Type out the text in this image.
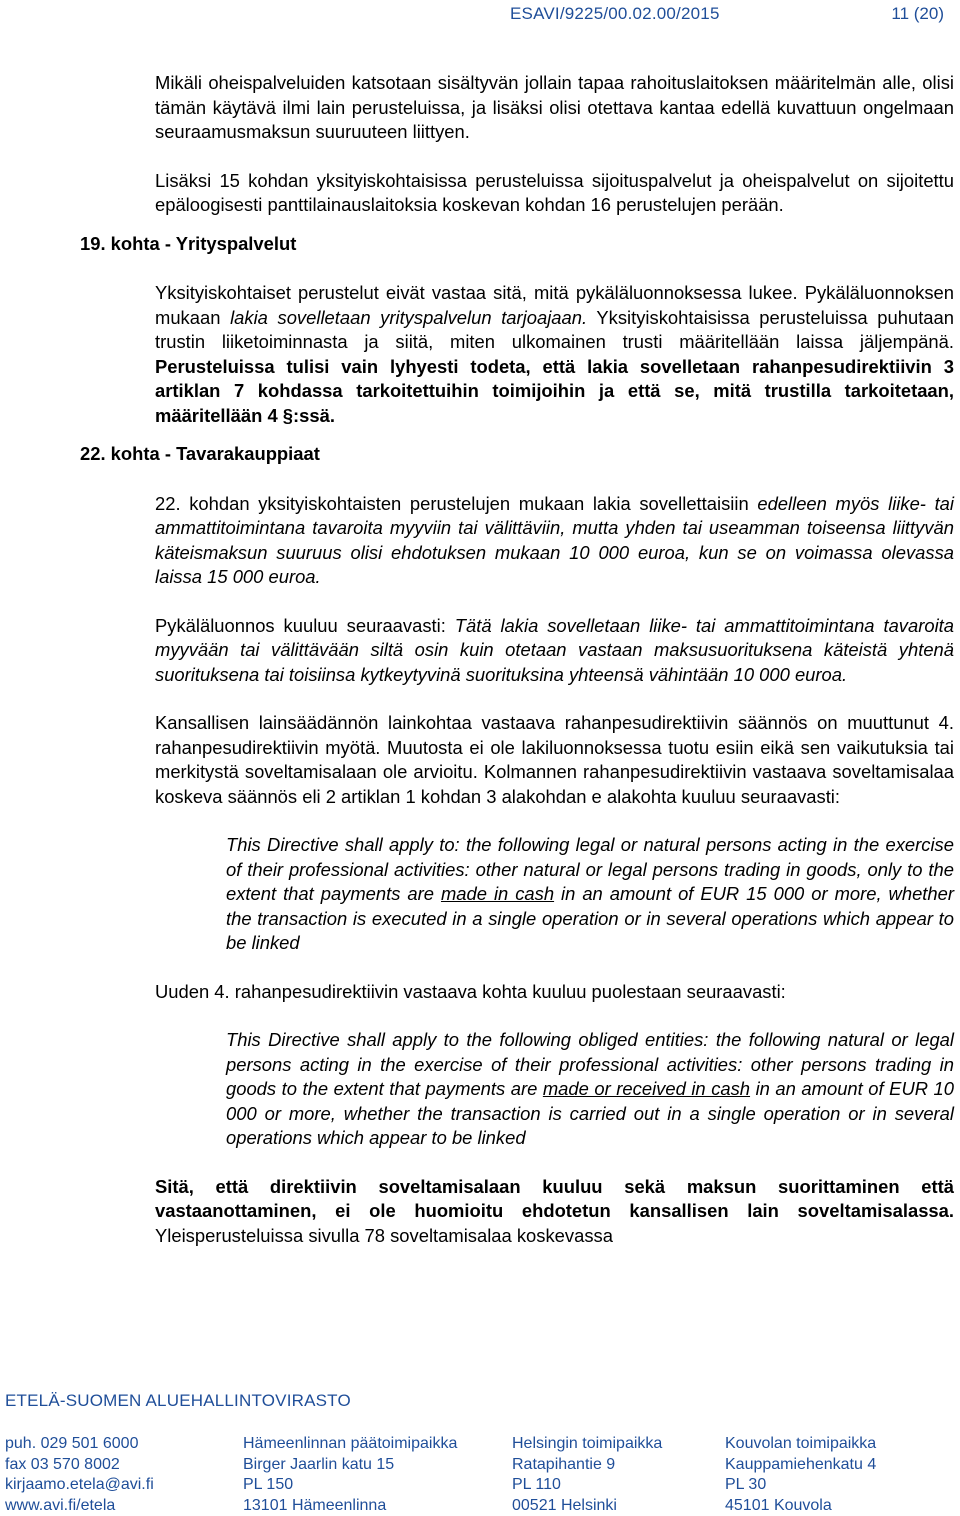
ESAVI/9225/00.02.00/2015	11 (20)

Mikäli oheispalveluiden katsotaan sisältyvän jollain tapaa rahoituslaitoksen määritelmän alle, olisi tämän käytävä ilmi lain perusteluissa, ja lisäksi olisi otettava kantaa edellä kuvattuun ongelmaan seuraamusmaksun suuruuteen liittyen.

Lisäksi 15 kohdan yksityiskohtaisissa perusteluissa sijoituspalvelut ja oheispalvelut on sijoitettu epäloogisesti panttilainauslaitoksia koskevan kohdan 16 perustelujen perään.

19. kohta - Yrityspalvelut

Yksityiskohtaiset perustelut eivät vastaa sitä, mitä pykäläluonnoksessa lukee. Pykäläluonnoksen mukaan lakia sovelletaan yrityspalvelun tarjoajaan. Yksityiskohtaisissa perusteluissa puhutaan trustin liiketoiminnasta ja siitä, miten ulkomainen trusti määritellään laissa jäljempänä. Perusteluissa tulisi vain lyhyesti todeta, että lakia sovelletaan rahanpesudirektiivin 3 artiklan 7 kohdassa tarkoitettuihin toimijoihin ja että se, mitä trustilla tarkoitetaan, määritellään 4 §:ssä.

22. kohta - Tavarakauppiaat

22. kohdan yksityiskohtaisten perustelujen mukaan lakia sovellettaisiin edelleen myös liike- tai ammattitoimintana tavaroita myyviin tai välittäviin, mutta yhden tai useamman toiseensa liittyvän käteismaksun suuruus olisi ehdotuksen mukaan 10 000 euroa, kun se on voimassa olevassa laissa 15 000 euroa.

Pykäläluonnos kuuluu seuraavasti: Tätä lakia sovelletaan liike- tai ammattitoimintana tavaroita myyvään tai välittävään siltä osin kuin otetaan vastaan maksusuorituksena käteistä yhtenä suorituksena tai toisiinsa kytkeytyvinä suorituksina yhteensä vähintään 10 000 euroa.

Kansallisen lainsäädännön lainkohtaa vastaava rahanpesudirektiivin säännös on muuttunut 4. rahanpesudirektiivin myötä. Muutosta ei ole lakiluonnoksessa tuotu esiin eikä sen vaikutuksia tai merkitystä soveltamisalaan ole arvioitu. Kolmannen rahanpesudirektiivin vastaava soveltamisalaa koskeva säännös eli 2 artiklan 1 kohdan 3 alakohdan e alakohta kuuluu seuraavasti:

This Directive shall apply to: the following legal or natural persons acting in the exercise of their professional activities: other natural or legal persons trading in goods, only to the extent that payments are made in cash in an amount of EUR 15 000 or more, whether the transaction is executed in a single operation or in several operations which appear to be linked

Uuden 4. rahanpesudirektiivin vastaava kohta kuuluu puolestaan seuraavasti:

This Directive shall apply to the following obliged entities: the following natural or legal persons acting in the exercise of their professional activities: other persons trading in goods to the extent that payments are made or received in cash in an amount of EUR 10 000 or more, whether the transaction is carried out in a single operation or in several operations which appear to be linked

Sitä, että direktiivin soveltamisalaan kuuluu sekä maksun suorittaminen että vastaanottaminen, ei ole huomioitu ehdotetun kansallisen lain soveltamisalassa. Yleisperusteluissa sivulla 78 soveltamisalaa koskevassa

ETELÄ-SUOMEN ALUEHALLINTOVIRASTO
puh. 029 501 6000
fax 03 570 8002
kirjaamo.etela@avi.fi
www.avi.fi/etela
Hämeenlinnan päätoimipaikka
Birger Jaarlin katu 15
PL 150
13101 Hämeenlinna
Helsingin toimipaikka
Ratapihantie 9
PL 110
00521 Helsinki
Kouvolan toimipaikka
Kauppamiehenkatu 4
PL 30
45101 Kouvola
